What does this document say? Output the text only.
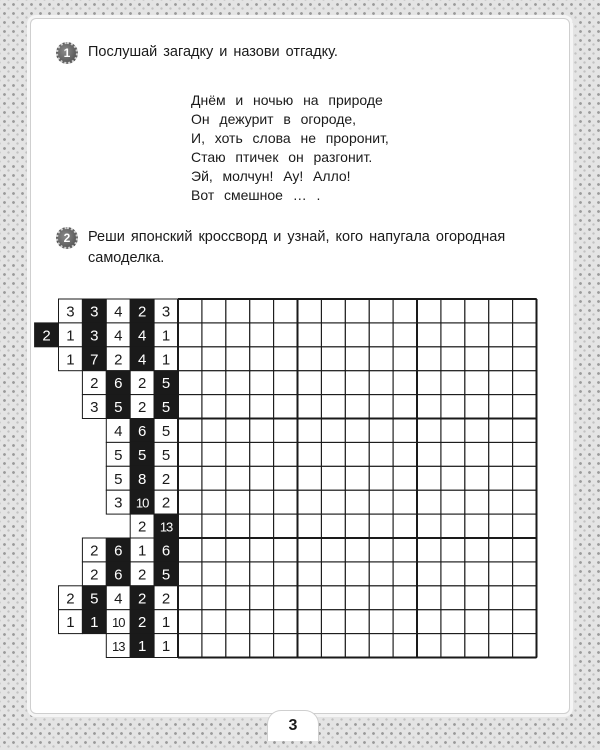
1	Послушай загадку и назови отгадку.
Днём  и  ночью  на  природе
Он  дежурит  в  огороде,
И,  хоть  слова  не  проронит,
Стаю  птичек  он  разгонит.
Эй,  молчун!  Ау!  Алло!
Вот  смешное  …  .
2	Реши японский кроссворд и узнай, кого напугала огородная
самоделка.
3 3 4 2 3
2 1 3 4 4 1
1 7 2 4 1
2 6 2 5
3 5 2 5
4 6 5
5 5 5
5 8 2
3 10 2
2 13
2 6 1 6
2 6 2 5
2 5 4 2 2
1 1 10 2 1
13 1 1
3
